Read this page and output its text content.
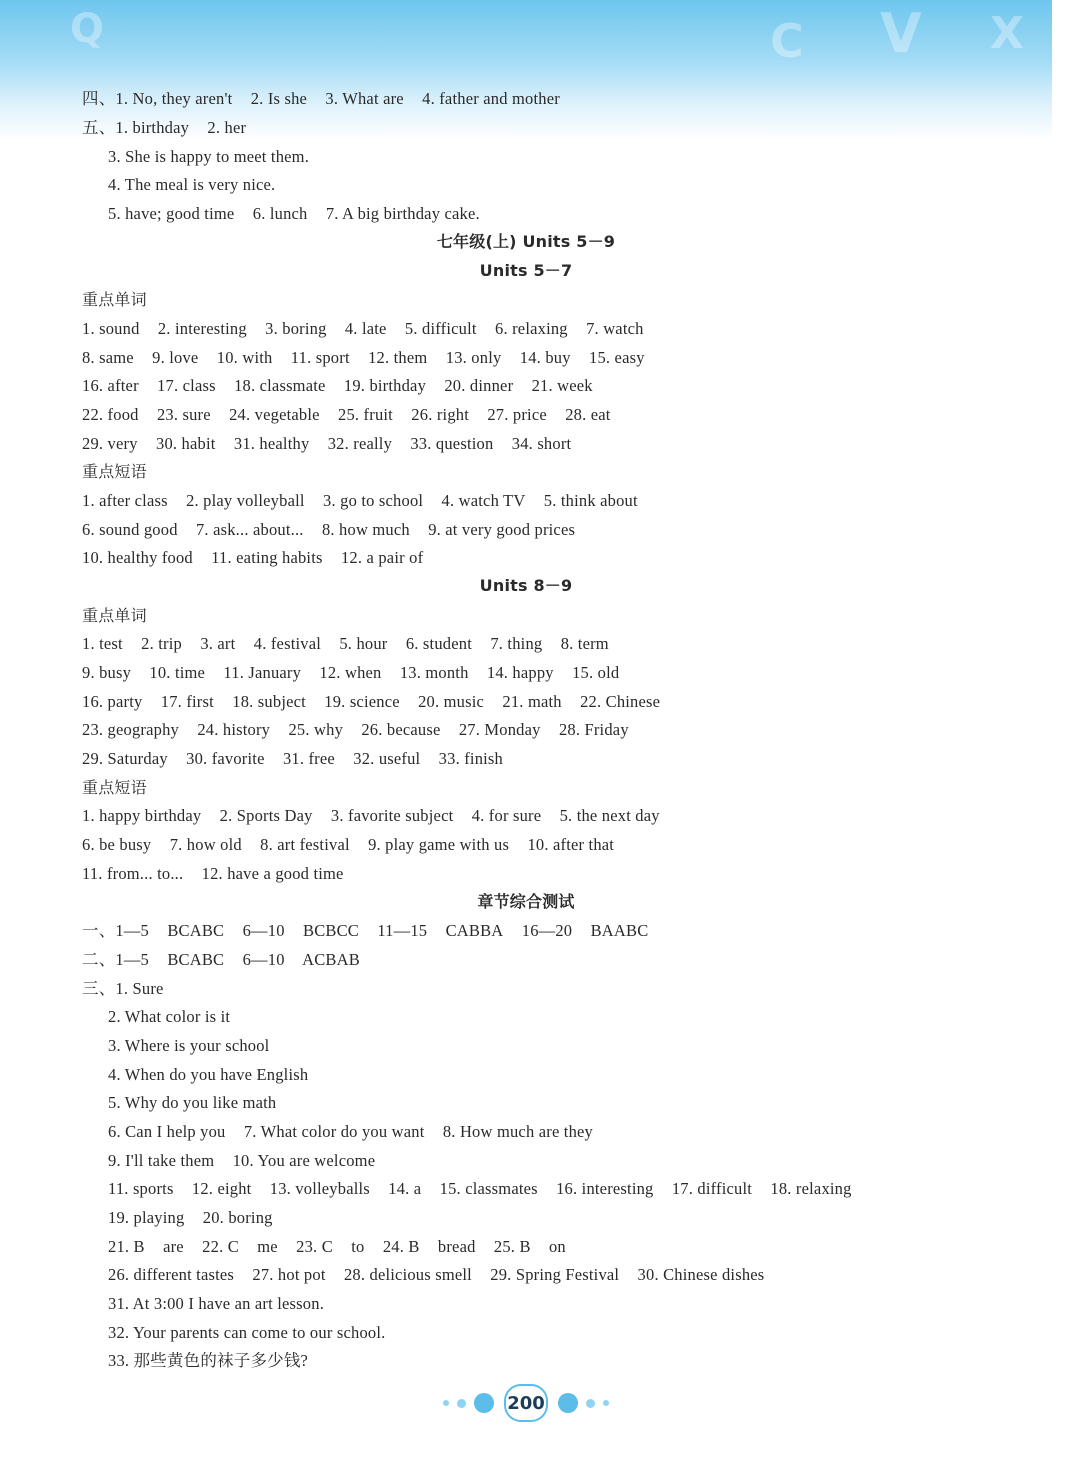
Q	C V X
四、1. No, they aren't 2. Is she 3. What are 4. father and mother
五、1. birthday 2. her
3. She is happy to meet them.
4. The meal is very nice.
5. have; good time 6. lunch 7. A big birthday cake.
七年级(上) Units 5－9
Units 5－7
重点单词
1. sound 2. interesting 3. boring 4. late 5. difficult 6. relaxing 7. watch
8. same 9. love 10. with 11. sport 12. them 13. only 14. buy 15. easy
16. after 17. class 18. classmate 19. birthday 20. dinner 21. week
22. food 23. sure 24. vegetable 25. fruit 26. right 27. price 28. eat
29. very 30. habit 31. healthy 32. really 33. question 34. short
重点短语
1. after class 2. play volleyball 3. go to school 4. watch TV 5. think about
6. sound good 7. ask... about... 8. how much 9. at very good prices
10. healthy food 11. eating habits 12. a pair of
Units 8－9
重点单词
1. test 2. trip 3. art 4. festival 5. hour 6. student 7. thing 8. term
9. busy 10. time 11. January 12. when 13. month 14. happy 15. old
16. party 17. first 18. subject 19. science 20. music 21. math 22. Chinese
23. geography 24. history 25. why 26. because 27. Monday 28. Friday
29. Saturday 30. favorite 31. free 32. useful 33. finish
重点短语
1. happy birthday 2. Sports Day 3. favorite subject 4. for sure 5. the next day
6. be busy 7. how old 8. art festival 9. play game with us 10. after that
11. from... to... 12. have a good time
章节综合测试
一、1—5 BCABC 6—10 BCBCC 11—15 CABBA 16—20 BAABC
二、1—5 BCABC 6—10 ACBAB
三、1. Sure
2. What color is it
3. Where is your school
4. When do you have English
5. Why do you like math
6. Can I help you 7. What color do you want 8. How much are they
9. I'll take them 10. You are welcome
11. sports 12. eight 13. volleyballs 14. a 15. classmates 16. interesting 17. difficult 18. relaxing
19. playing 20. boring
21. B are 22. C me 23. C to 24. B bread 25. B on
26. different tastes 27. hot pot 28. delicious smell 29. Spring Festival 30. Chinese dishes
31. At 3:00 I have an art lesson.
32. Your parents can come to our school.
33. 那些黄色的袜子多少钱?
200
